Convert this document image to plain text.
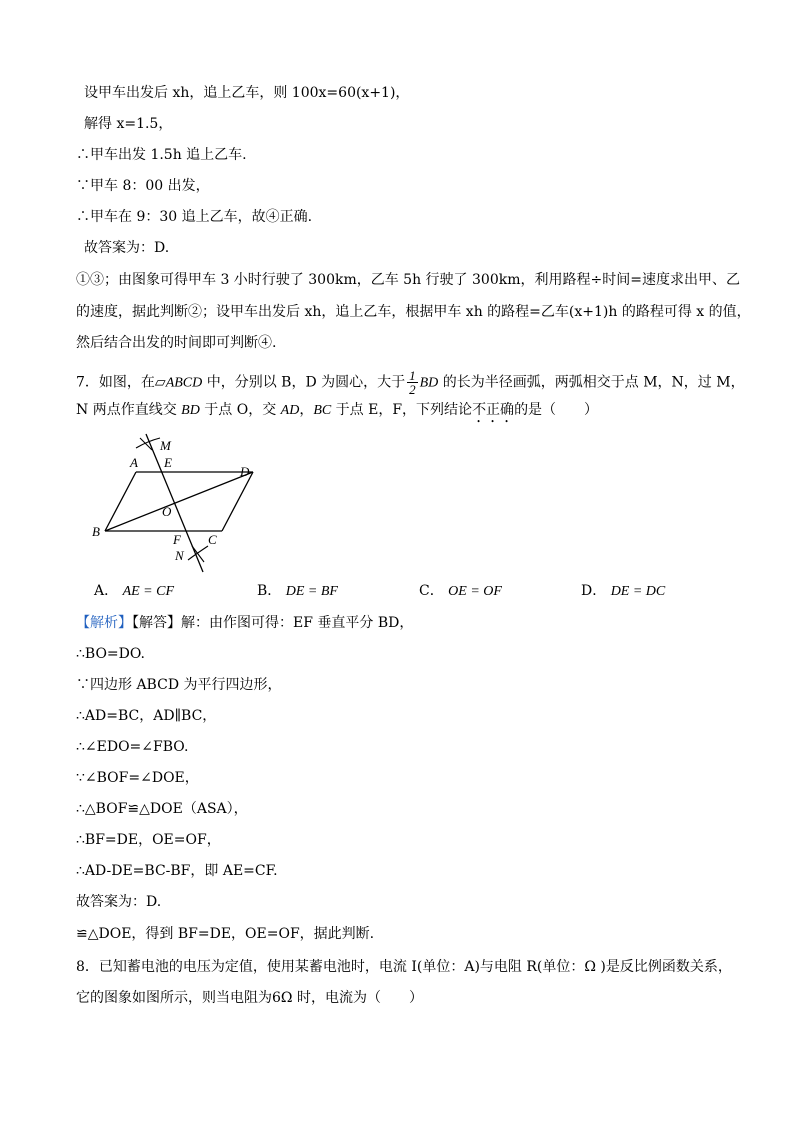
设甲车出发后 xh，追上乙车，则 100x=60(x+1)，
解得 x=1.5，
∴甲车出发 1.5h 追上乙车.
∵甲车 8：00 出发，
∴甲车在 9：30 追上乙车，故④正确.
故答案为：D.
①③；由图象可得甲车 3 小时行驶了 300km，乙车 5h 行驶了 300km，利用路程÷时间=速度求出甲、乙
的速度，据此判断②；设甲车出发后 xh，追上乙车，根据甲车 xh 的路程=乙车(x+1)h 的路程可得 x 的值，
然后结合出发的时间即可判断④.
7．如图，在▱ABCD 中，分别以 B，D 为圆心，大于 $\frac{1}{2}$ BD 的长为半径画弧，两弧相交于点 M，N，过 M，
N 两点作直线交 BD 于点 O，交 AD，BC 于点 E，F，下列结论不正确的是（　　）
M
A E
D
O
B
F C
N
A． AE = CF	B． DE = BF	C． OE = OF	D． DE = DC
【解析】【解答】解：由作图可得：EF 垂直平分 BD，
∴BO=DO.
∵四边形 ABCD 为平行四边形，
∴AD=BC，AD∥BC，
∴∠EDO=∠FBO.
∵∠BOF=∠DOE，
∴△BOF≌△DOE（ASA），
∴BF=DE，OE=OF，
∴AD-DE=BC-BF，即 AE=CF.
故答案为：D.
≌△DOE，得到 BF=DE，OE=OF，据此判断.
8．已知蓄电池的电压为定值，使用某蓄电池时，电流 I(单位：A)与电阻 R(单位：Ω )是反比例函数关系，
它的图象如图所示，则当电阻为6Ω 时，电流为（　　）
